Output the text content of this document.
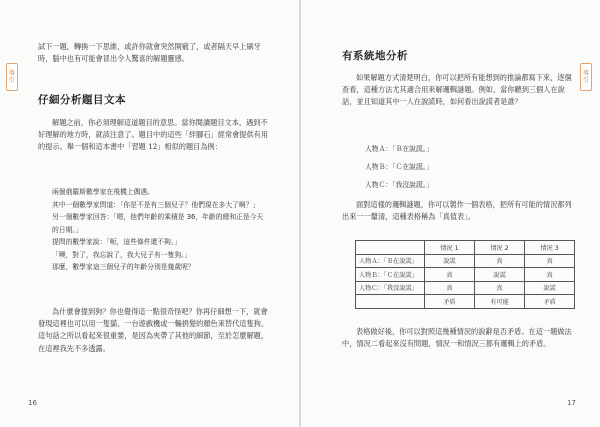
導引
試下一題，轉換一下思維，或許你就會突然開竅了，或者隔天早上刷牙時，腦中也有可能會冒出令人驚喜的解題靈感。
仔細分析題目文本
解題之前，你必須理解這道題目的意思。當你閱讀題目文本，遇到不好理解的地方時，就該注意了。題目中的這些「絆腳石」經常會提供有用的提示。舉一個和這本書中「習題 12」相似的題目為例：

兩個俄羅斯數學家在飛機上偶遇。

其中一個數學家問道：「你是不是有三個兒子？他們現在多大了啊？」

另一個數學家回答：「嗯，他們年齡的乘積是 36，年齡的總和正是今天的日期。」

提問的數學家說：「呃，這些條件還不夠。」

「噢，對了，我忘說了，我大兒子有一隻狗。」

那麼，數學家這三個兒子的年齡分別是幾歲呢？

為什麼會提到狗？你也覺得這一點很奇怪吧？你再仔細想一下，就會發現這裡也可以用一隻貓、一台遊戲機或一輛捐髮的顏色來替代這隻狗。這句話之所以看起來很重要，是因為夾帶了其他的細節，至於怎麼解題，在這裡我先不多透露。
16
導引
有系統地分析
如果解題方式清楚明白，你可以把所有能想到的推論都寫下來，逐個查看，這種方法尤其適合用來解邏輯謎題。例如，當你聽到三個人在說話，並且知道其中一人在說謊時，如何看出說謊者是誰？
人物Ａ：「Ｂ在說謊。」
人物Ｂ：「Ｃ在說謊。」
人物Ｃ：「我沒說謊。」
面對這樣的邏輯謎題，你可以製作一個表格，把所有可能的情況都列出來一一釐清，這種表格稱為「真值表」。
	情況 1	情況 2	情況 3
人物Ａ：「Ｂ在說謊」	說謊	真	真
人物Ｂ：「Ｃ在說謊」	真	說謊	真
人物Ｃ：「我沒說謊」	真	真	說謊
	矛盾	有可能	矛盾
表格做好後，你可以對照這幾種情況的說辭是否矛盾。在這一題做法中，情況二看起來沒有問題，情況一和情況三都有邏輯上的矛盾。
17
